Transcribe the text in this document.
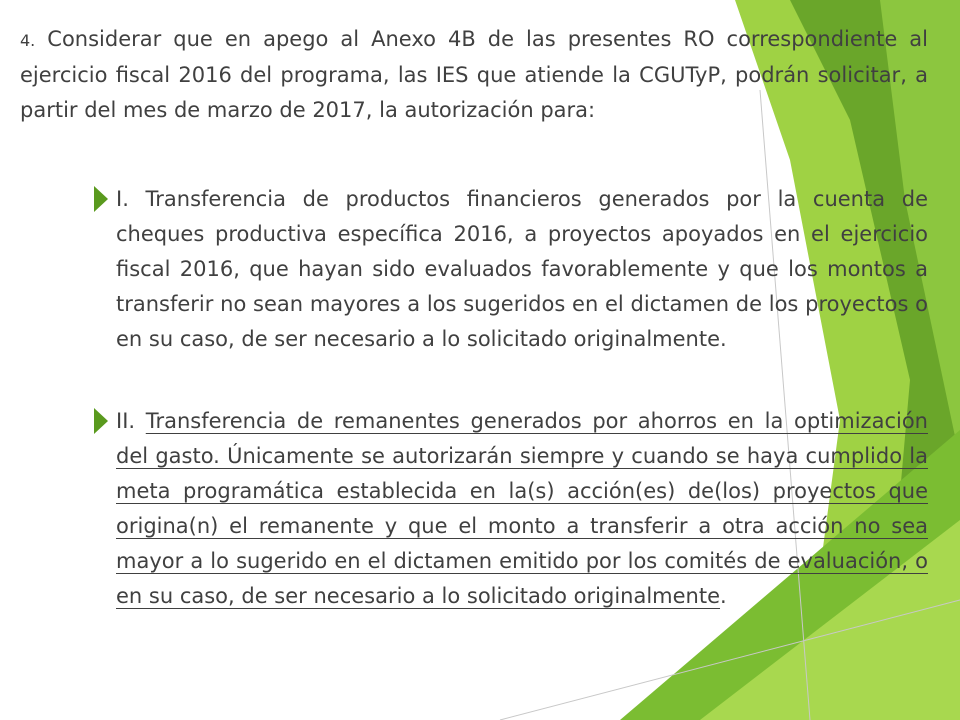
4. Considerar que en apego al Anexo 4B de las presentes RO correspondiente al ejercicio fiscal 2016 del programa, las IES que atiende la CGUTyP, podrán solicitar, a partir del mes de marzo de 2017, la autorización para:
I. Transferencia de productos financieros generados por la cuenta de cheques productiva específica 2016, a proyectos apoyados en el ejercicio fiscal 2016, que hayan sido evaluados favorablemente y que los montos a transferir no sean mayores a los sugeridos en el dictamen de los proyectos o en su caso, de ser necesario a lo solicitado originalmente.
II. Transferencia de remanentes generados por ahorros en la optimización del gasto. Únicamente se autorizarán siempre y cuando se haya cumplido la meta programática establecida en la(s) acción(es) de(los) proyectos que origina(n) el remanente y que el monto a transferir a otra acción no sea mayor a lo sugerido en el dictamen emitido por los comités de evaluación, o en su caso, de ser necesario a lo solicitado originalmente.
